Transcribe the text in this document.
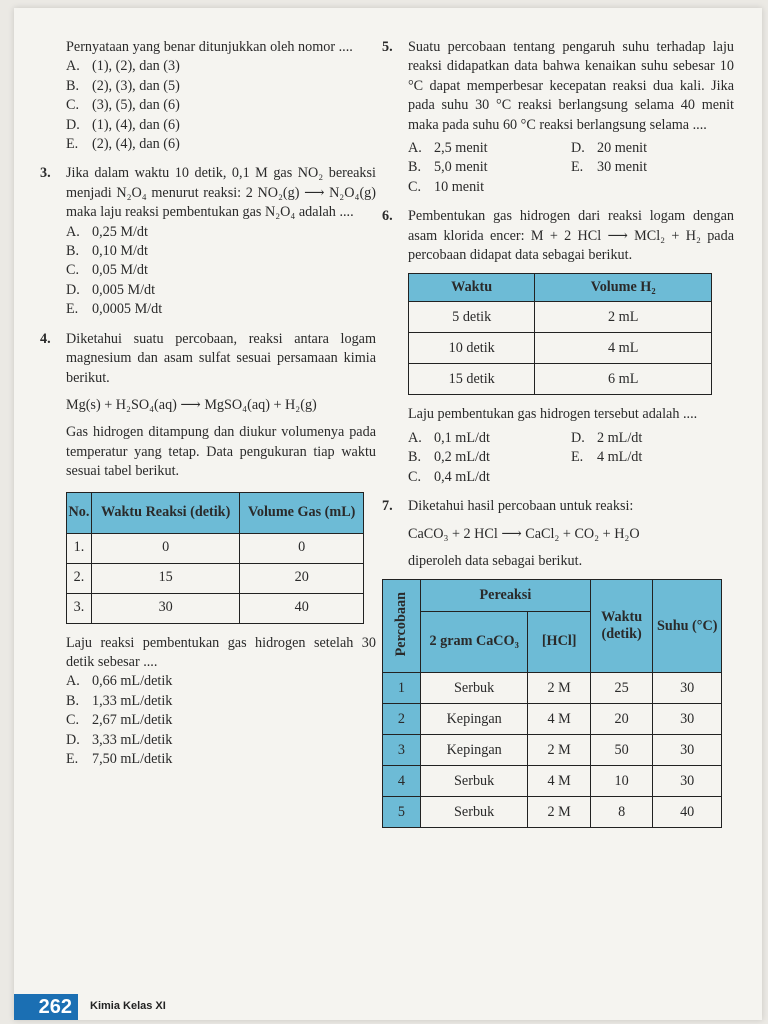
Pernyataan yang benar ditunjukkan oleh nomor ....

A. (1), (2), dan (3)
B. (2), (3), dan (5)
C. (3), (5), dan (6)
D. (1), (4), dan (6)
E. (2), (4), dan (6)
3. Jika dalam waktu 10 detik, 0,1 M gas NO₂ bereaksi menjadi N₂O₄ menurut reaksi: 2 NO₂(g) ⟶ N₂O₄(g) maka laju reaksi pembentukan gas N₂O₄ adalah ....

A. 0,25 M/dt
B. 0,10 M/dt
C. 0,05 M/dt
D. 0,005 M/dt
E. 0,0005 M/dt
4. Diketahui suatu percobaan, reaksi antara logam magnesium dan asam sulfat sesuai persamaan kimia berikut.

Mg(s) + H₂SO₄(aq) ⟶ MgSO₄(aq) + H₂(g)

Gas hidrogen ditampung dan diukur volumenya pada temperatur yang tetap. Data pengukuran tiap waktu sesuai tabel berikut.

No.	Waktu Reaksi (detik)	Volume Gas (mL)
1.	0	0
2.	15	20
3.	30	40

Laju reaksi pembentukan gas hidrogen setelah 30 detik sebesar ....

A. 0,66 mL/detik
B. 1,33 mL/detik
C. 2,67 mL/detik
D. 3,33 mL/detik
E. 7,50 mL/detik
5. Suatu percobaan tentang pengaruh suhu terhadap laju reaksi didapatkan data bahwa kenaikan suhu sebesar 10 °C dapat memperbesar kecepatan reaksi dua kali. Jika pada suhu 30 °C reaksi berlangsung selama 40 menit maka pada suhu 60 °C reaksi berlangsung selama ....

A. 2,5 menit	D. 20 menit
B. 5,0 menit	E. 30 menit
C. 10 menit
6. Pembentukan gas hidrogen dari reaksi logam dengan asam klorida encer: M + 2 HCl ⟶ MCl₂ + H₂ pada percobaan didapat data sebagai berikut.

Waktu	Volume H₂
5 detik	2 mL
10 detik	4 mL
15 detik	6 mL

Laju pembentukan gas hidrogen tersebut adalah ....

A. 0,1 mL/dt	D. 2 mL/dt
B. 0,2 mL/dt	E. 4 mL/dt
C. 0,4 mL/dt
7. Diketahui hasil percobaan untuk reaksi:

CaCO₃ + 2 HCl ⟶ CaCl₂ + CO₂ + H₂O

diperoleh data sebagai berikut.

Percobaan	Pereaksi		Waktu (detik)	Suhu (°C)
	2 gram CaCO₃	[HCl]		
1	Serbuk	2 M	25	30
2	Kepingan	4 M	20	30
3	Kepingan	2 M	50	30
4	Serbuk	4 M	10	30
5	Serbuk	2 M	8	40
262	Kimia Kelas XI
